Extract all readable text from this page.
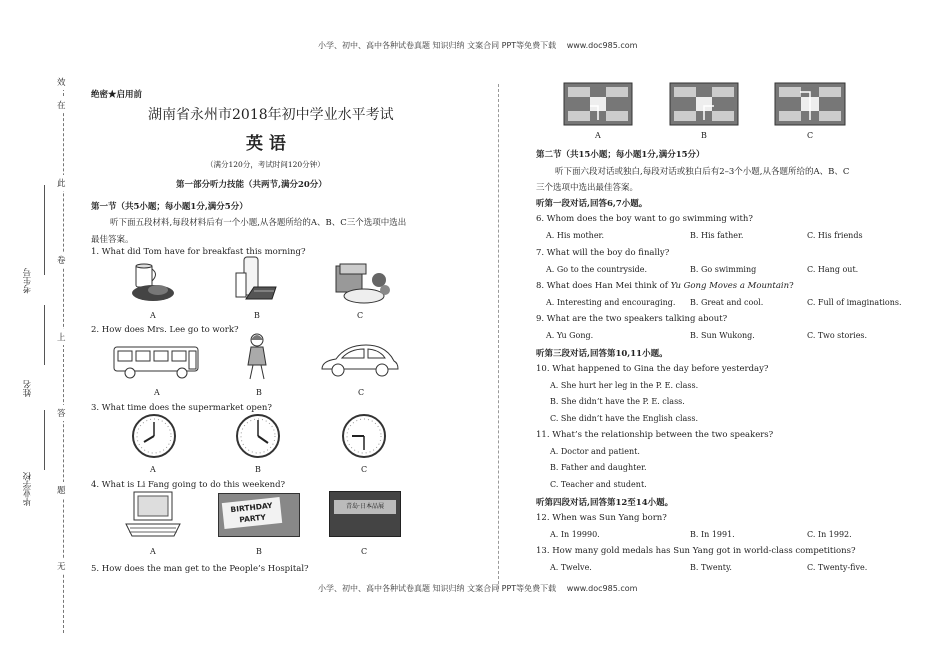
小学、初中、高中各种试卷真题 知识归纳 文案合同 PPT等免费下载 www.doc985.com
效
在
此
卷
上
答
题
无
考生号
姓名
毕业学校
绝密★启用前
湖南省永州市2018年初中学业水平考试
英 语
（满分120分，考试时间120分钟）
第一部分听力技能（共两节,满分20分）
第一节（共5小题；每小题1分,满分5分）
听下面五段材料,每段材料后有一个小题,从各题所给的A、B、C三个选项中选出
最佳答案。
1. What did Tom have for breakfast this morning?
A	B	C
2. How does Mrs. Lee go to work?
A	B	C
3. What time does the supermarket open?
A	B	C
4. What is Li Fang going to do this weekend?
BIRTHDAY PARTY
青岛·日本品展
A	B	C
5. How does the man get to the People’s Hospital?
A	B	C
第二节（共15小题；每小题1分,满分15分）
听下面六段对话或独白,每段对话或独白后有2–3个小题,从各题所给的A、B、C
三个选项中选出最佳答案。
听第一段对话,回答6,7小题。
6. Whom does the boy want to go swimming with?
A. His mother.	B. His father.	C. His friends
7. What will the boy do finally?
A. Go to the countryside.	B. Go swimming	C. Hang out.
8. What does Han Mei think of Yu Gong Moves a Mountain?
A. Interesting and encouraging. B. Great and cool.	C. Full of imaginations.
9. What are the two speakers talking about?
A. Yu Gong.	B. Sun Wukong.	C. Two stories.
听第三段对话,回答第10,11小题。
10. What happened to Gina the day before yesterday?
A. She hurt her leg in the P. E. class.
B. She didn’t have the P. E. class.
C. She didn’t have the English class.
11. What’s the relationship between the two speakers?
A. Doctor and patient.
B. Father and daughter.
C. Teacher and student.
听第四段对话,回答第12至14小题。
12. When was Sun Yang born?
A. In 19990.	B. In 1991.	C. In 1992.
13. How many gold medals has Sun Yang got in world-class competitions?
A. Twelve.	B. Twenty.	C. Twenty-five.
小学、初中、高中各种试卷真题 知识归纳 文案合同 PPT等免费下载 www.doc985.com
